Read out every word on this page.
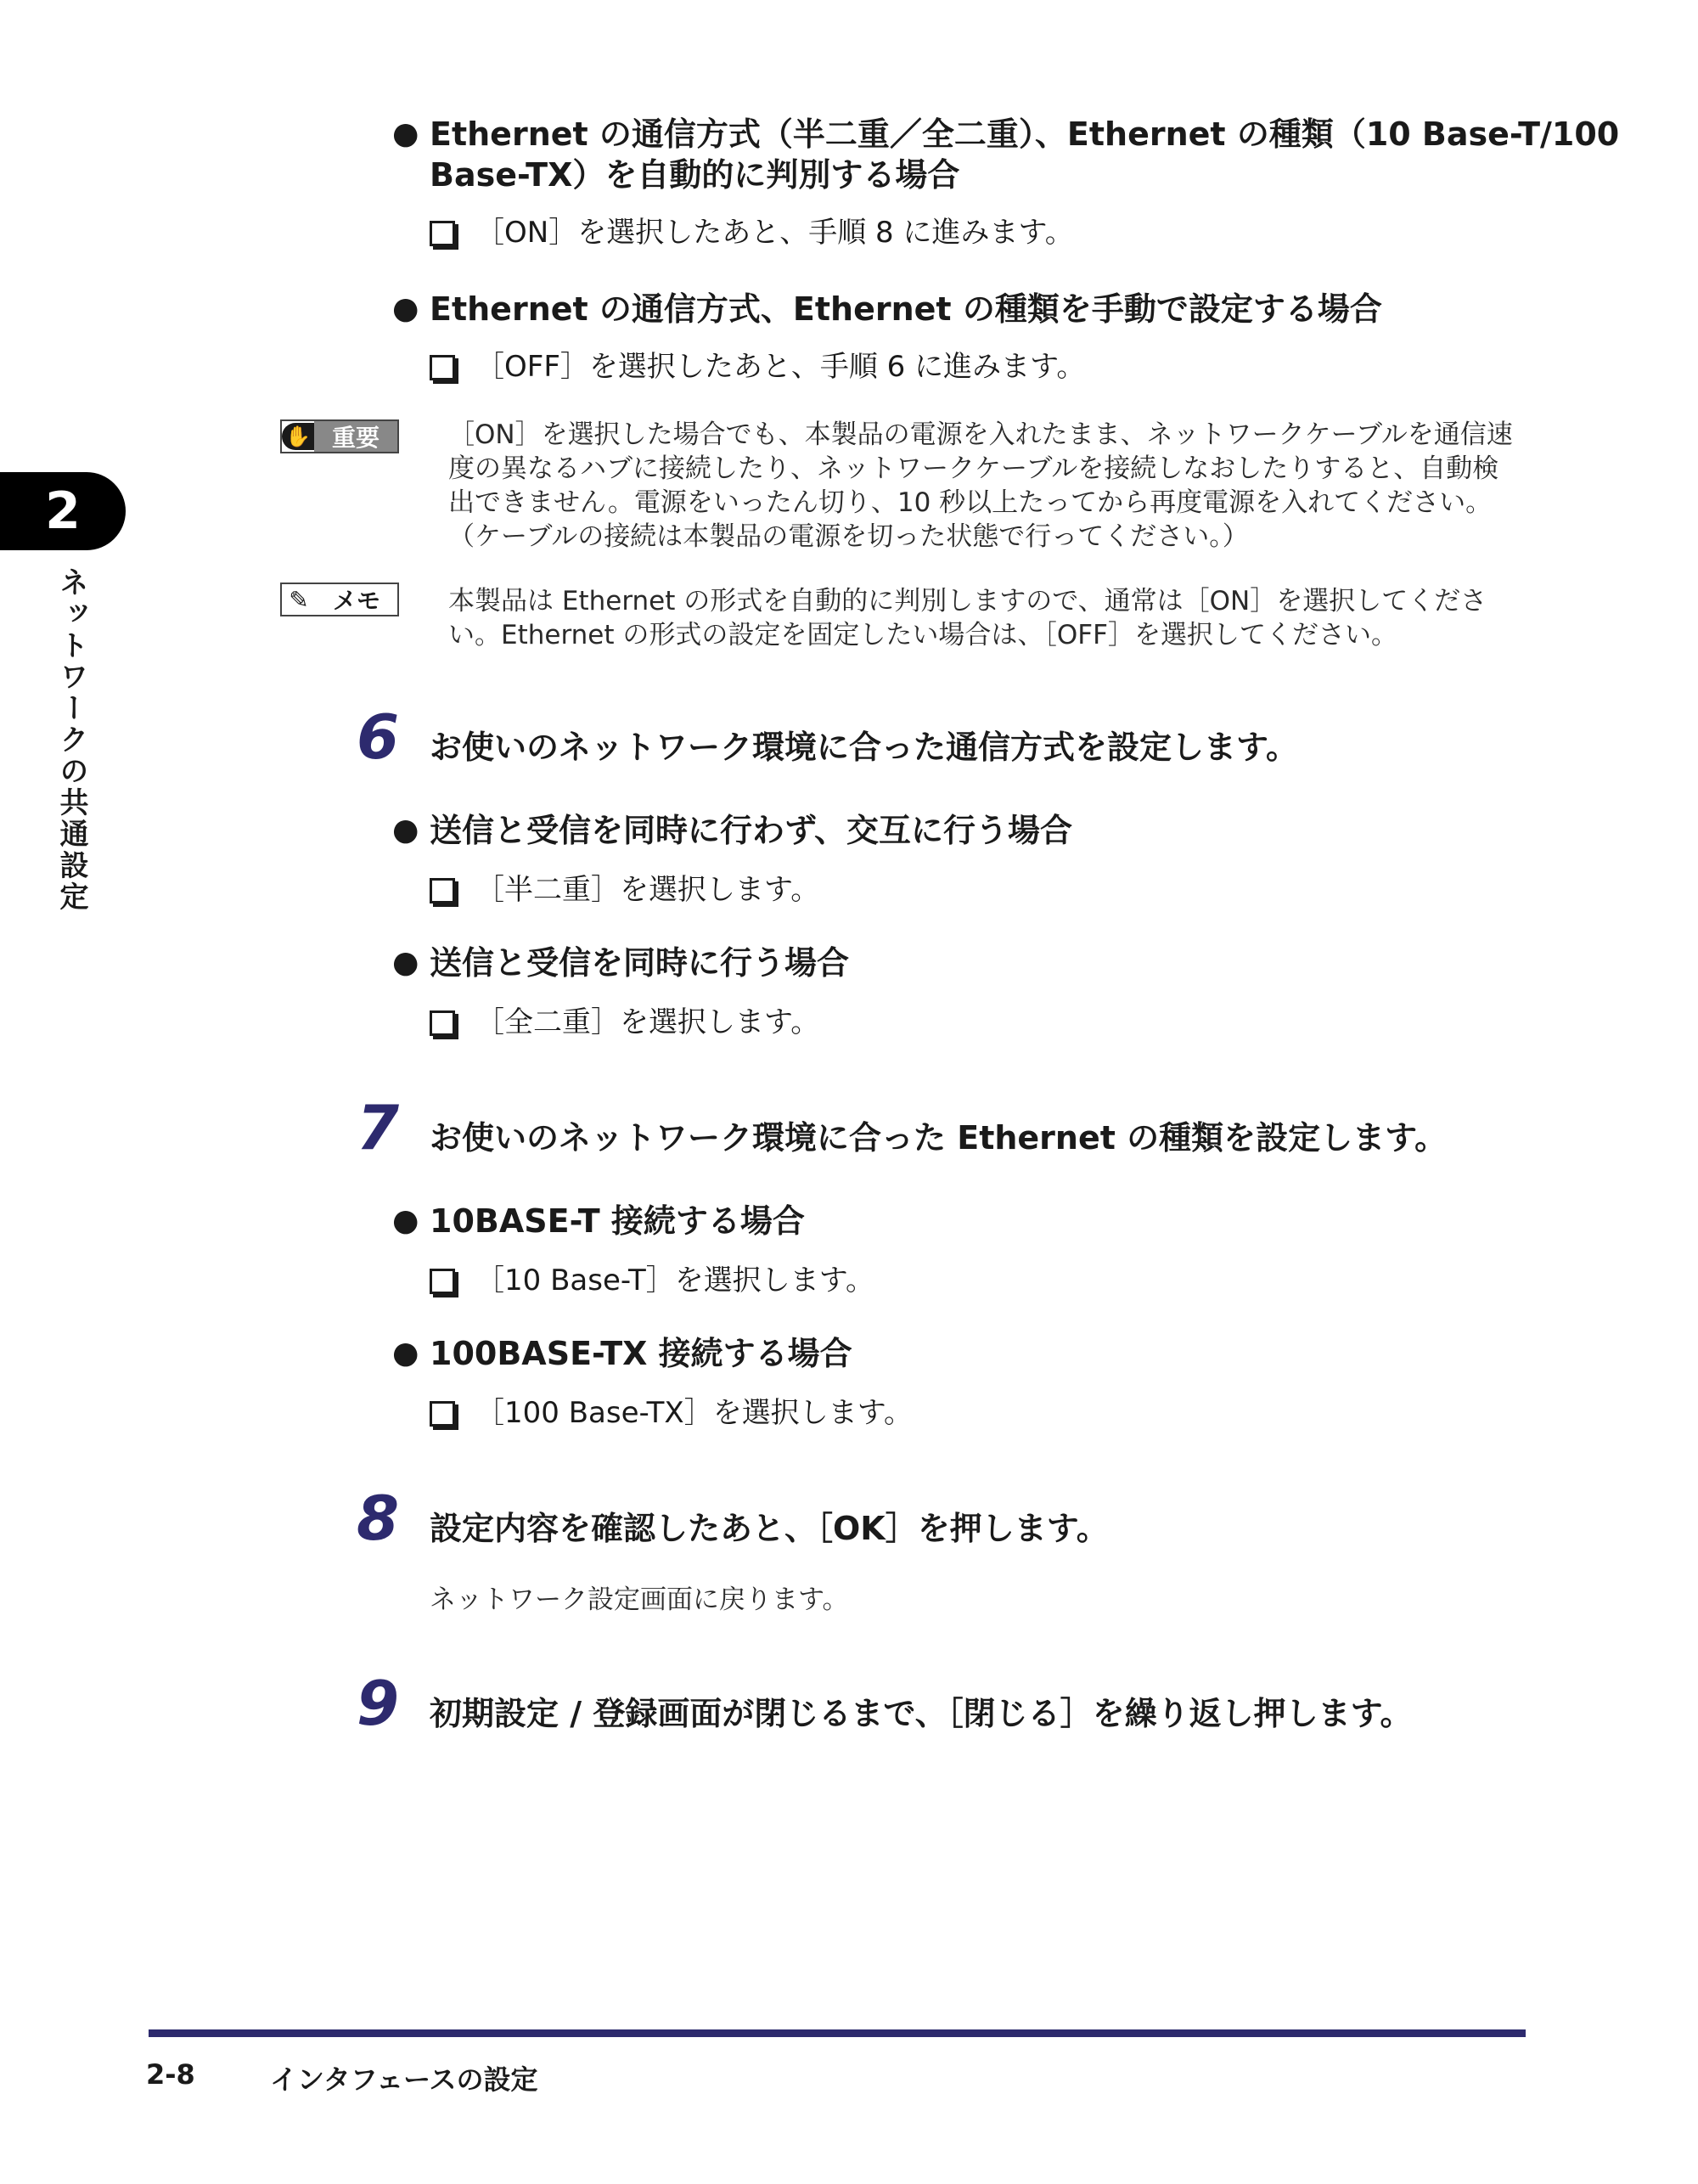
2
ネットワークの共通設定
● Ethernet の通信方式（半二重／全二重）、Ethernet の種類（10 Base-T/100
Base-TX）を自動的に判別する場合
［ON］を選択したあと、手順 8 に進みます。
● Ethernet の通信方式、Ethernet の種類を手動で設定する場合
［OFF］を選択したあと、手順 6 に進みます。
✋ 重要	［ON］を選択した場合でも、本製品の電源を入れたまま、ネットワークケーブルを通信速
度の異なるハブに接続したり、ネットワークケーブルを接続しなおしたりすると、自動検
出できません。電源をいったん切り、10 秒以上たってから再度電源を入れてください。
（ケーブルの接続は本製品の電源を切った状態で行ってください。）
✎	メモ	本製品は Ethernet の形式を自動的に判別しますので、通常は［ON］を選択してくださ
い。Ethernet の形式の設定を固定したい場合は、［OFF］を選択してください。
6 お使いのネットワーク環境に合った通信方式を設定します。
● 送信と受信を同時に行わず、交互に行う場合
［半二重］を選択します。
● 送信と受信を同時に行う場合
［全二重］を選択します。
7 お使いのネットワーク環境に合った Ethernet の種類を設定します。
● 10BASE-T 接続する場合
［10 Base-T］を選択します。
● 100BASE-TX 接続する場合
［100 Base-TX］を選択します。
8 設定内容を確認したあと、［OK］を押します。
ネットワーク設定画面に戻ります。
9 初期設定 / 登録画面が閉じるまで、［閉じる］を繰り返し押します。
2-8	インタフェースの設定
